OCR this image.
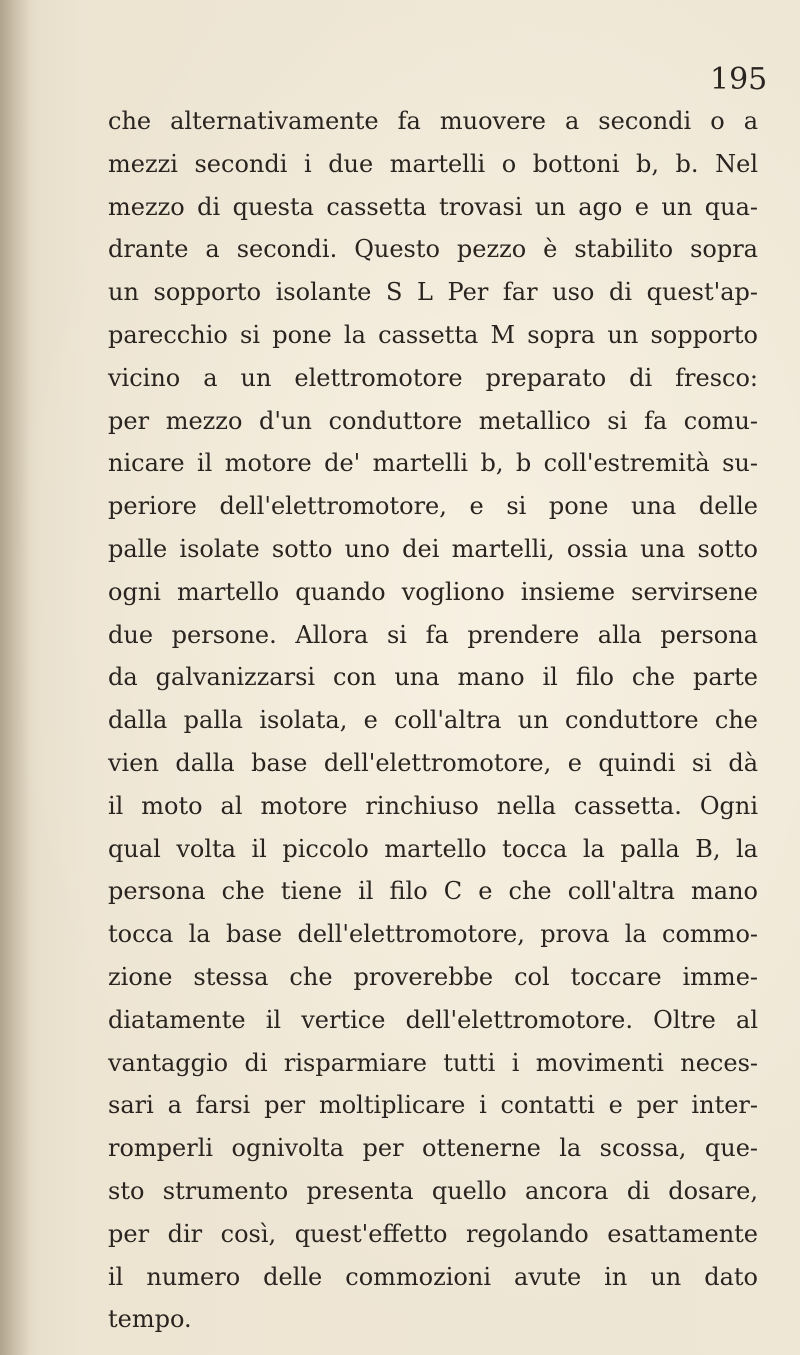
195
che alternativamente fa muovere a secondi o a
mezzi secondi i due martelli o bottoni b, b. Nel
mezzo di questa cassetta trovasi un ago e un qua-
drante a secondi. Questo pezzo è stabilito sopra
un sopporto isolante S L Per far uso di quest'ap-
parecchio si pone la cassetta M sopra un sopporto
vicino a un elettromotore preparato di fresco:
per mezzo d'un conduttore metallico si fa comu-
nicare il motore de' martelli b, b coll'estremità su-
periore dell'elettromotore, e si pone una delle
palle isolate sotto uno dei martelli, ossia una sotto
ogni martello quando vogliono insieme servirsene
due persone. Allora si fa prendere alla persona
da galvanizzarsi con una mano il filo che parte
dalla palla isolata, e coll'altra un conduttore che
vien dalla base dell'elettromotore, e quindi si dà
il moto al motore rinchiuso nella cassetta. Ogni
qual volta il piccolo martello tocca la palla B, la
persona che tiene il filo C e che coll'altra mano
tocca la base dell'elettromotore, prova la commo-
zione stessa che proverebbe col toccare imme-
diatamente il vertice dell'elettromotore. Oltre al
vantaggio di risparmiare tutti i movimenti neces-
sari a farsi per moltiplicare i contatti e per inter-
romperli ognivolta per ottenerne la scossa, que-
sto strumento presenta quello ancora di dosare,
per dir così, quest'effetto regolando esattamente
il numero delle commozioni avute in un dato
tempo.
